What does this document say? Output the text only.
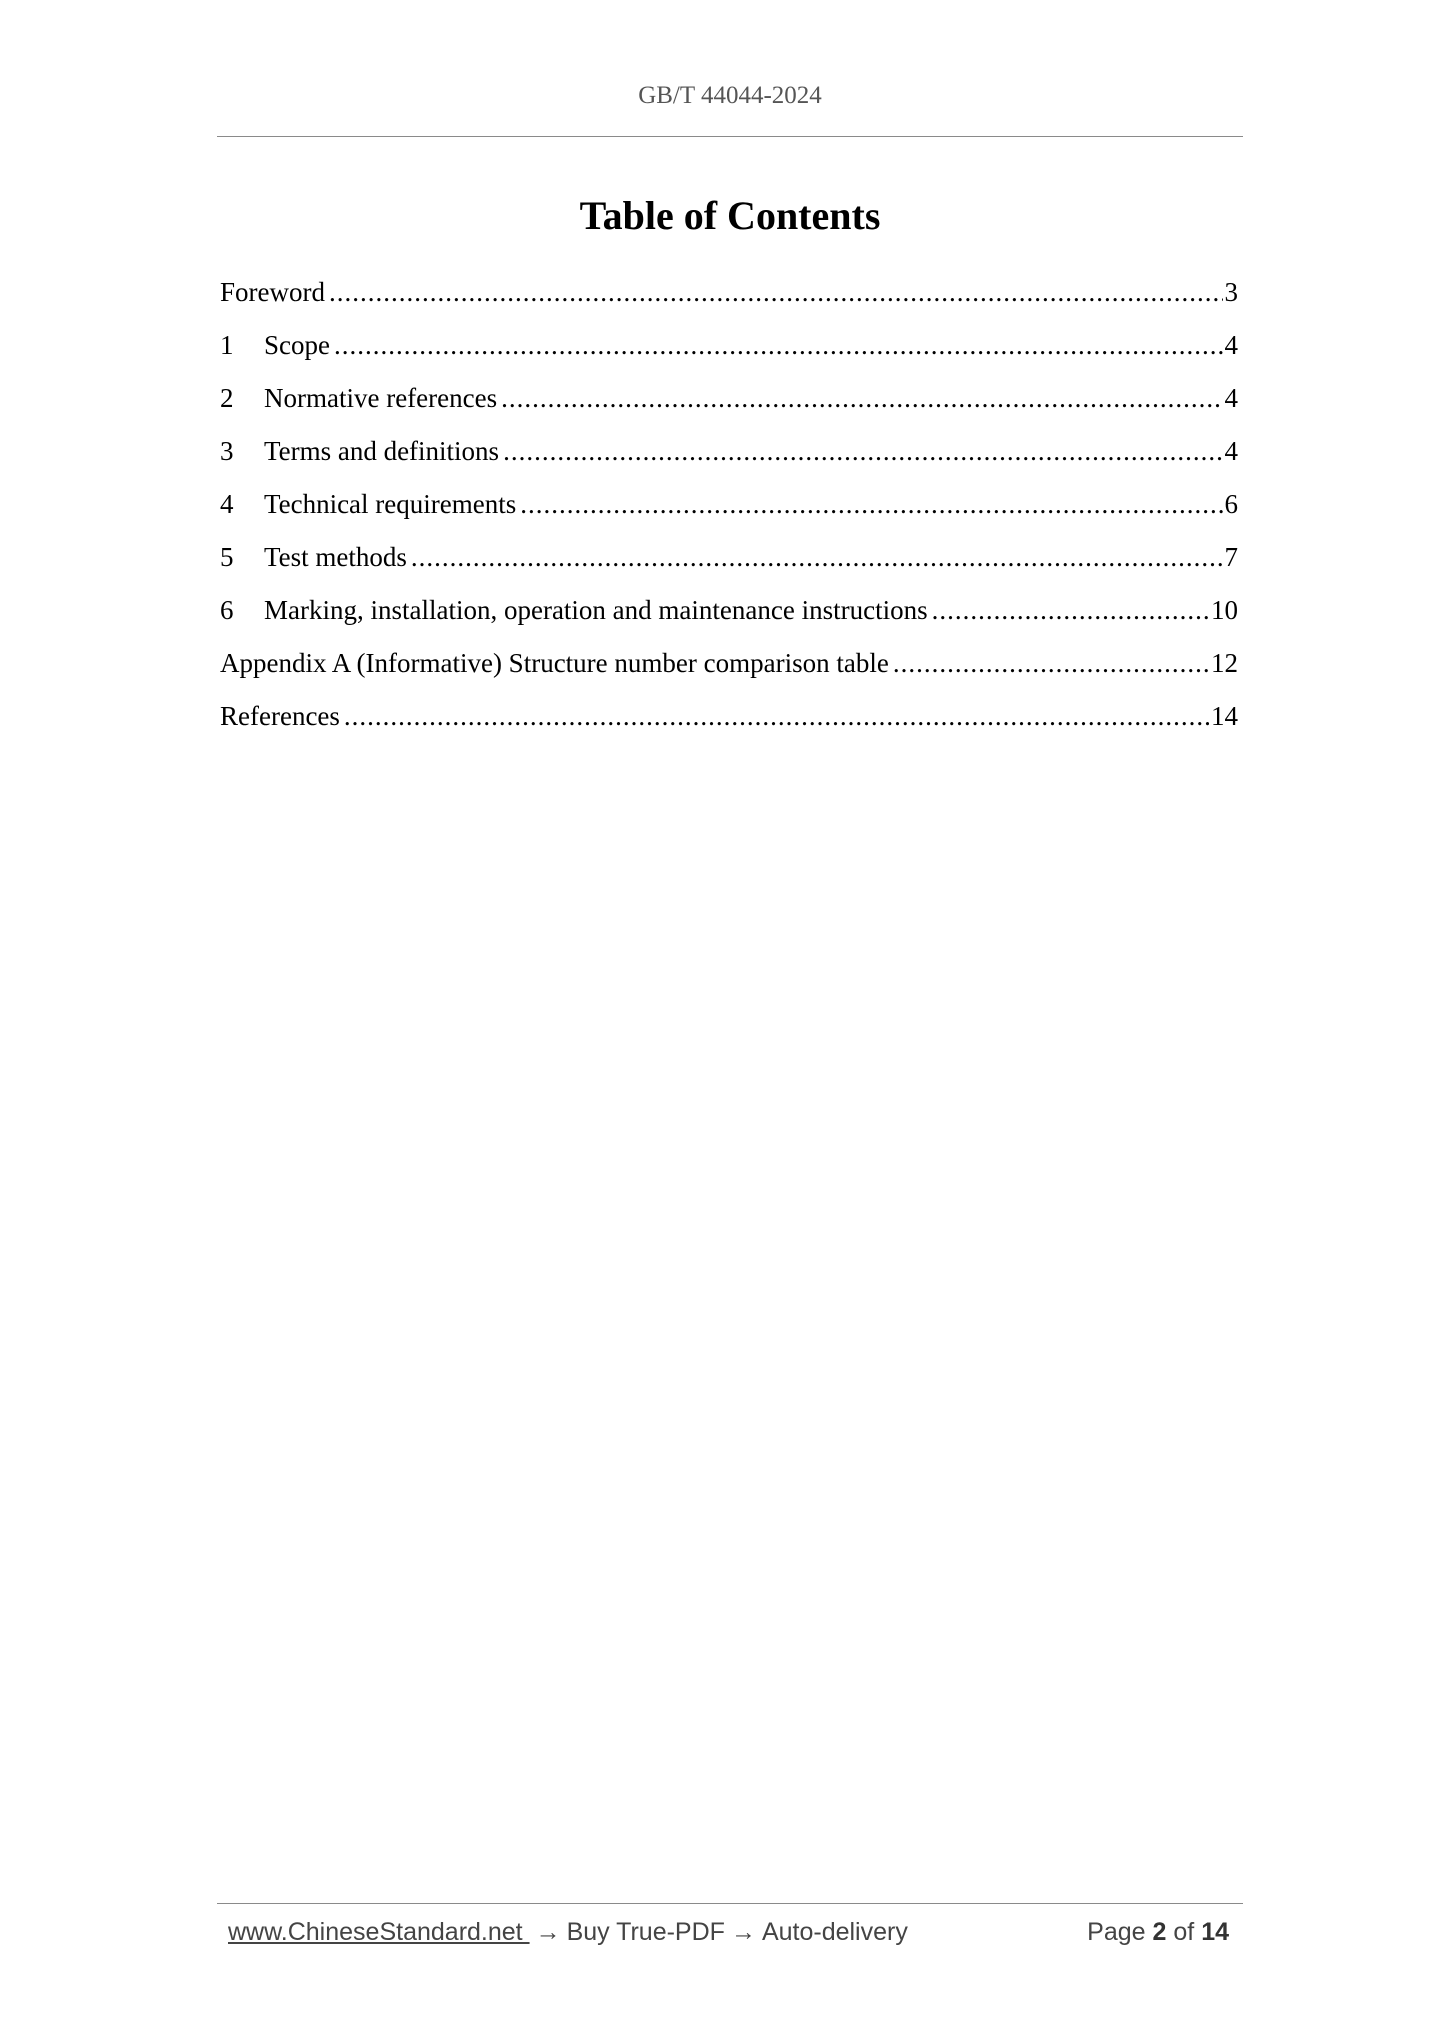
GB/T 44044-2024
Table of Contents
Foreword .....	3
1	Scope .....	4
2	Normative references .....	4
3	Terms and definitions .....	4
4	Technical requirements .....	6
5	Test methods .....	7
6	Marking, installation, operation and maintenance instructions .....	10
Appendix A (Informative) Structure number comparison table .....	12
References .....	14
www.ChineseStandard.net → Buy True-PDF → Auto-delivery	Page 2 of 14
